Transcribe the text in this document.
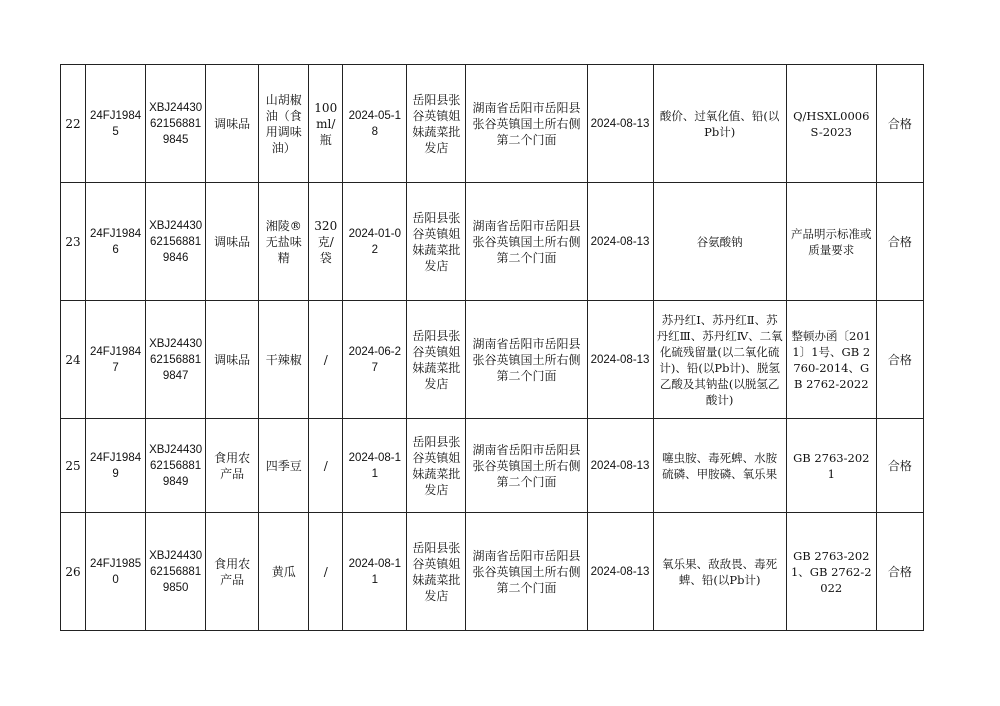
22	24FJ19845	XBJ24430621568819845	调味品	山胡椒油（食用调味油）	100ml/瓶	2024-05-18	岳阳县张谷英镇姐妹蔬菜批发店	湖南省岳阳市岳阳县张谷英镇国土所右侧第二个门面	2024-08-13	酸价、过氧化值、铅(以Pb计)	Q/HSXL0006S-2023	合格
23	24FJ19846	XBJ24430621568819846	调味品	湘陵®无盐味精	320克/袋	2024-01-02	岳阳县张谷英镇姐妹蔬菜批发店	湖南省岳阳市岳阳县张谷英镇国土所右侧第二个门面	2024-08-13	谷氨酸钠	产品明示标准或质量要求	合格
24	24FJ19847	XBJ24430621568819847	调味品	干辣椒	/	2024-06-27	岳阳县张谷英镇姐妹蔬菜批发店	湖南省岳阳市岳阳县张谷英镇国土所右侧第二个门面	2024-08-13	苏丹红Ⅰ、苏丹红Ⅱ、苏丹红Ⅲ、苏丹红Ⅳ、二氧化硫残留量(以二氧化硫计)、铅(以Pb计)、脱氢乙酸及其钠盐(以脱氢乙酸计)	整顿办函〔2011〕1号、GB 2760-2014、GB 2762-2022	合格
25	24FJ19849	XBJ24430621568819849	食用农产品	四季豆	/	2024-08-11	岳阳县张谷英镇姐妹蔬菜批发店	湖南省岳阳市岳阳县张谷英镇国土所右侧第二个门面	2024-08-13	噻虫胺、毒死蜱、水胺硫磷、甲胺磷、氧乐果	GB 2763-2021	合格
26	24FJ19850	XBJ24430621568819850	食用农产品	黄瓜	/	2024-08-11	岳阳县张谷英镇姐妹蔬菜批发店	湖南省岳阳市岳阳县张谷英镇国土所右侧第二个门面	2024-08-13	氧乐果、敌敌畏、毒死蜱、铅(以Pb计)	GB 2763-2021、GB 2762-2022	合格
